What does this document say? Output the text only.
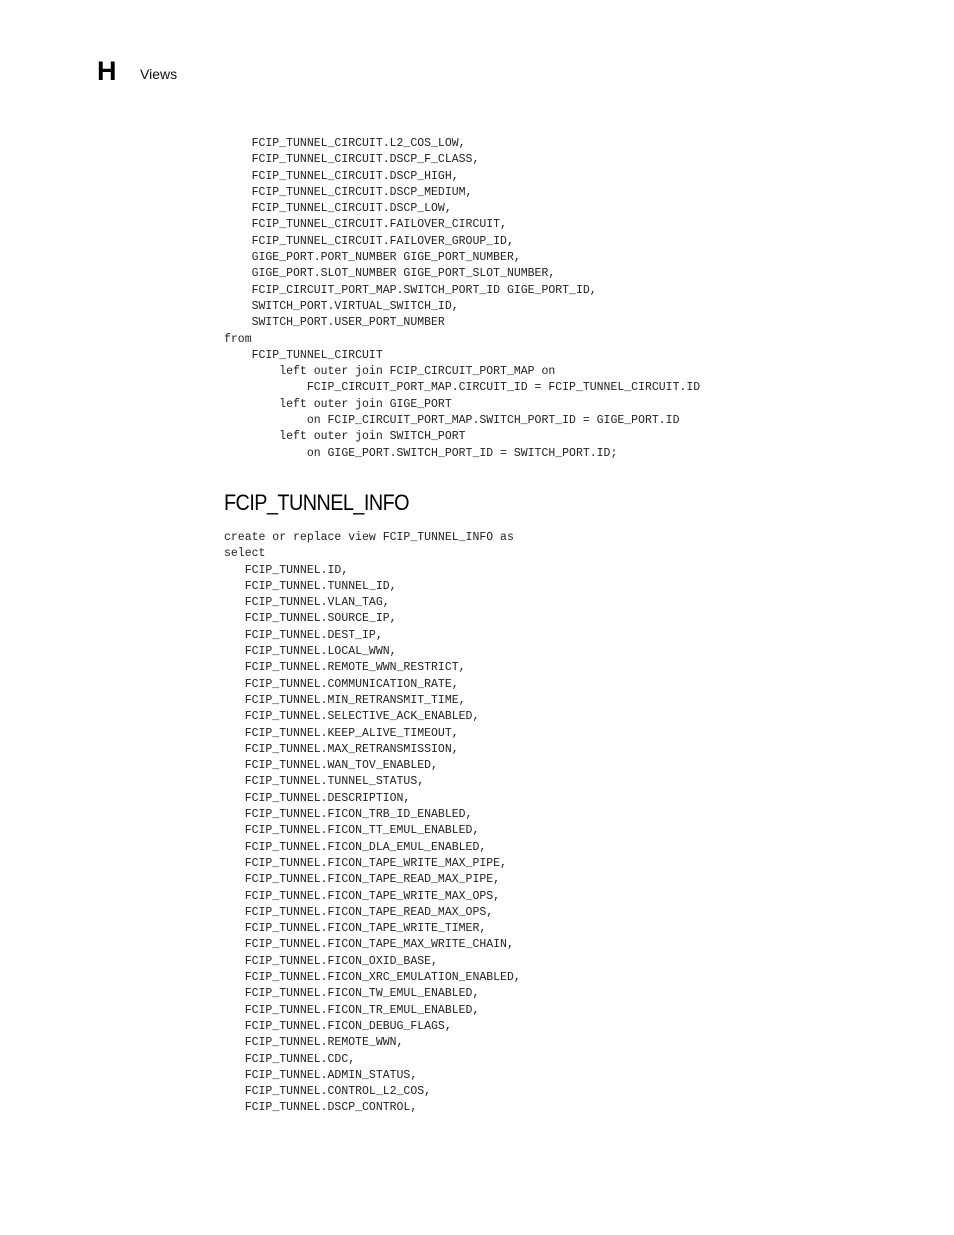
H Views
FCIP_TUNNEL_CIRCUIT.L2_COS_LOW,
FCIP_TUNNEL_CIRCUIT.DSCP_F_CLASS,
FCIP_TUNNEL_CIRCUIT.DSCP_HIGH,
FCIP_TUNNEL_CIRCUIT.DSCP_MEDIUM,
FCIP_TUNNEL_CIRCUIT.DSCP_LOW,
FCIP_TUNNEL_CIRCUIT.FAILOVER_CIRCUIT,
FCIP_TUNNEL_CIRCUIT.FAILOVER_GROUP_ID,
GIGE_PORT.PORT_NUMBER GIGE_PORT_NUMBER,
GIGE_PORT.SLOT_NUMBER GIGE_PORT_SLOT_NUMBER,
FCIP_CIRCUIT_PORT_MAP.SWITCH_PORT_ID GIGE_PORT_ID,
SWITCH_PORT.VIRTUAL_SWITCH_ID,
SWITCH_PORT.USER_PORT_NUMBER
from
FCIP_TUNNEL_CIRCUIT
left outer join FCIP_CIRCUIT_PORT_MAP on
FCIP_CIRCUIT_PORT_MAP.CIRCUIT_ID = FCIP_TUNNEL_CIRCUIT.ID
left outer join GIGE_PORT
on FCIP_CIRCUIT_PORT_MAP.SWITCH_PORT_ID = GIGE_PORT.ID
left outer join SWITCH_PORT
on GIGE_PORT.SWITCH_PORT_ID = SWITCH_PORT.ID;
FCIP_TUNNEL_INFO
create or replace view FCIP_TUNNEL_INFO as
select
FCIP_TUNNEL.ID,
FCIP_TUNNEL.TUNNEL_ID,
FCIP_TUNNEL.VLAN_TAG,
FCIP_TUNNEL.SOURCE_IP,
FCIP_TUNNEL.DEST_IP,
FCIP_TUNNEL.LOCAL_WWN,
FCIP_TUNNEL.REMOTE_WWN_RESTRICT,
FCIP_TUNNEL.COMMUNICATION_RATE,
FCIP_TUNNEL.MIN_RETRANSMIT_TIME,
FCIP_TUNNEL.SELECTIVE_ACK_ENABLED,
FCIP_TUNNEL.KEEP_ALIVE_TIMEOUT,
FCIP_TUNNEL.MAX_RETRANSMISSION,
FCIP_TUNNEL.WAN_TOV_ENABLED,
FCIP_TUNNEL.TUNNEL_STATUS,
FCIP_TUNNEL.DESCRIPTION,
FCIP_TUNNEL.FICON_TRB_ID_ENABLED,
FCIP_TUNNEL.FICON_TT_EMUL_ENABLED,
FCIP_TUNNEL.FICON_DLA_EMUL_ENABLED,
FCIP_TUNNEL.FICON_TAPE_WRITE_MAX_PIPE,
FCIP_TUNNEL.FICON_TAPE_READ_MAX_PIPE,
FCIP_TUNNEL.FICON_TAPE_WRITE_MAX_OPS,
FCIP_TUNNEL.FICON_TAPE_READ_MAX_OPS,
FCIP_TUNNEL.FICON_TAPE_WRITE_TIMER,
FCIP_TUNNEL.FICON_TAPE_MAX_WRITE_CHAIN,
FCIP_TUNNEL.FICON_OXID_BASE,
FCIP_TUNNEL.FICON_XRC_EMULATION_ENABLED,
FCIP_TUNNEL.FICON_TW_EMUL_ENABLED,
FCIP_TUNNEL.FICON_TR_EMUL_ENABLED,
FCIP_TUNNEL.FICON_DEBUG_FLAGS,
FCIP_TUNNEL.REMOTE_WWN,
FCIP_TUNNEL.CDC,
FCIP_TUNNEL.ADMIN_STATUS,
FCIP_TUNNEL.CONTROL_L2_COS,
FCIP_TUNNEL.DSCP_CONTROL,
